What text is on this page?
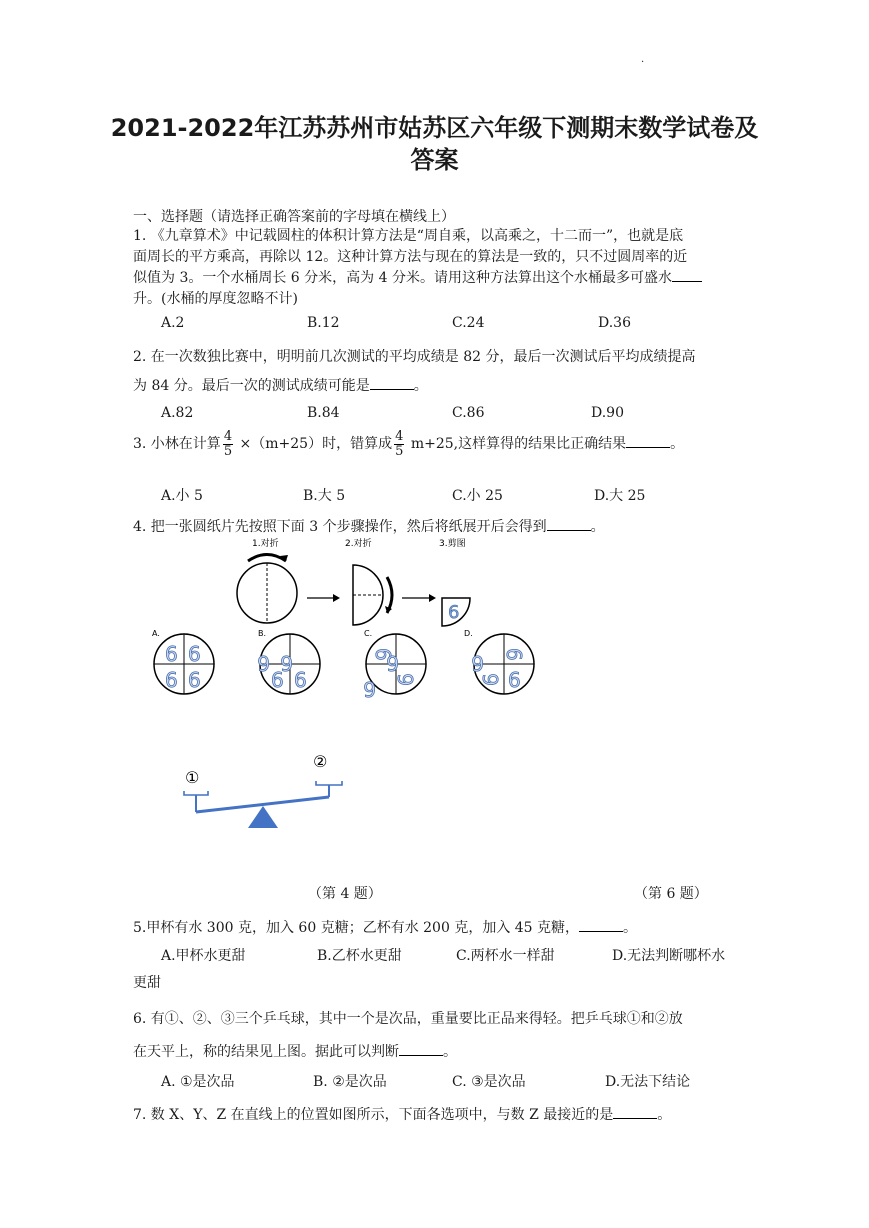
.
2021-2022年江苏苏州市姑苏区六年级下测期末数学试卷及
答案
一、选择题（请选择正确答案前的字母填在横线上）
1. 《九章算术》中记载圆柱的体积计算方法是“周自乘，以高乘之，十二而一”，也就是底
面周长的平方乘高，再除以 12。这种计算方法与现在的算法是一致的，只不过圆周率的近
似值为 3。一个水桶周长 6 分米，高为 4 分米。请用这种方法算出这个水桶最多可盛水
升。(水桶的厚度忽略不计)
A.2	B.12	C.24	D.36
2. 在一次数独比赛中，明明前几次测试的平均成绩是 82 分，最后一次测试后平均成绩提高
为 84 分。最后一次的测试成绩可能是	。
A.82	B.84	C.86	D.90
3. 小林在计算 $\frac{4}{5} \times(m+25)$时，错算成 $\frac{4}{5} m+25$,这样算得的结果比正确结果	。
A.小 5	B.大 5	C.小 25	D.大 25
4. 把一张圆纸片先按照下面 3 个步骤操作，然后将纸展开后会得到	。
1.对折	2.对折	3.剪图
6
A.
6 6
6 6
B.
6 6
6 6
C.
6
6
6 6
D.
6 6
6 6
①
②
（第 4 题）	（第 6 题）
5.甲杯有水 300 克，加入 60 克糖；乙杯有水 200 克，加入 45 克糖，	。
A.甲杯水更甜	B.乙杯水更甜	C.两杯水一样甜	D.无法判断哪杯水
更甜
6. 有①、②、③三个乒乓球，其中一个是次品，重量要比正品来得轻。把乒乓球①和②放
在天平上，称的结果见上图。据此可以判断	。
A. ①是次品	B. ②是次品	C. ③是次品	D.无法下结论
7. 数 X、Y、Z 在直线上的位置如图所示，下面各选项中，与数 Z 最接近的是	。
